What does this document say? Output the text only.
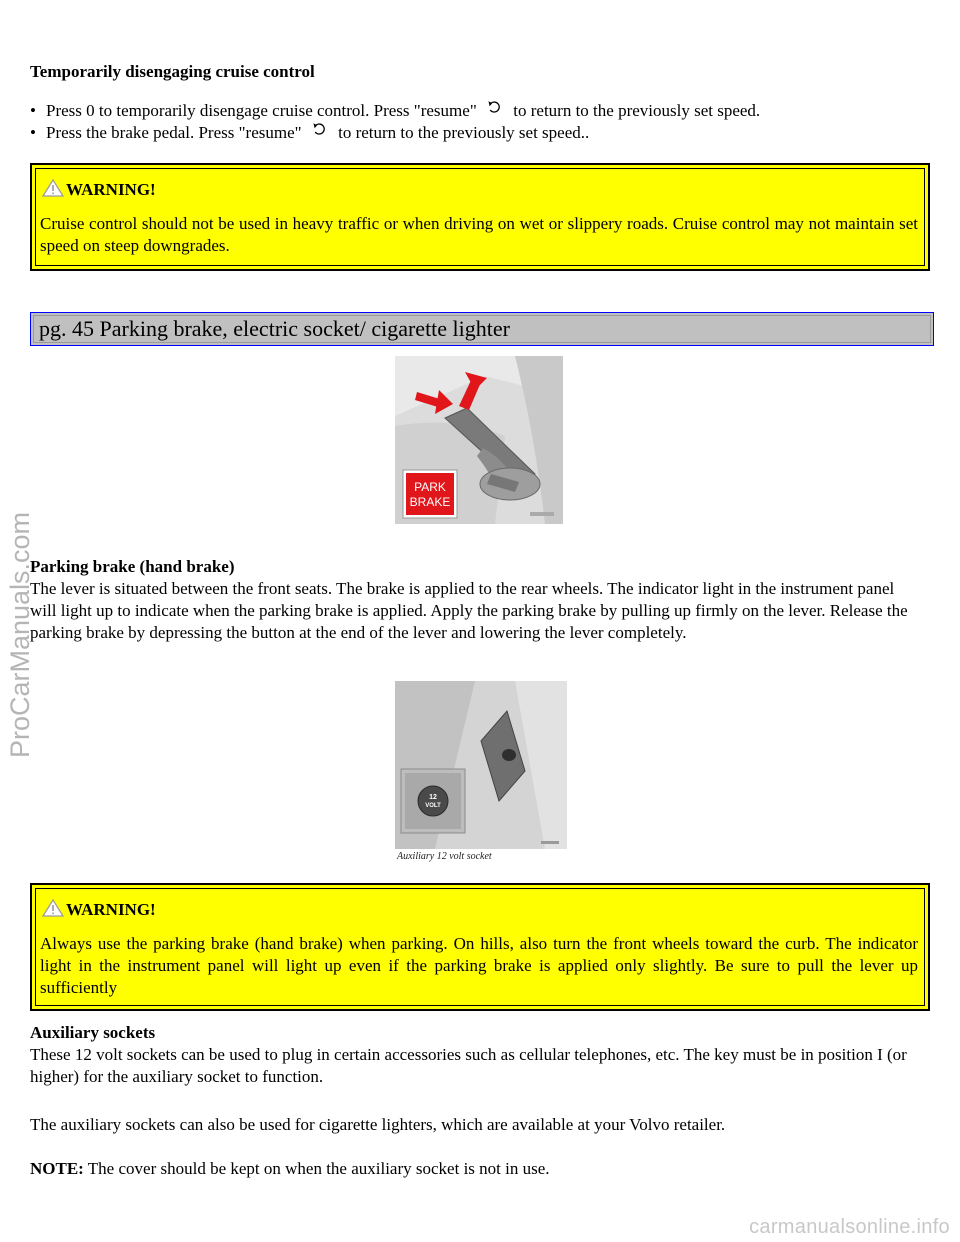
ProCarManuals.com
Temporarily disengaging cruise control
• Press 0 to temporarily disengage cruise control. Press "resume" to return to the previously set speed.
• Press the brake pedal. Press "resume" to return to the previously set speed..
WARNING!

Cruise control should not be used in heavy traffic or when driving on wet or slippery roads. Cruise control may not maintain set speed on steep downgrades.

pg. 45 Parking brake, electric socket/ cigarette lighter
PARK
BRAKE
Parking brake (hand brake)
The lever is situated between the front seats. The brake is applied to the rear wheels. The indicator light in the instrument panel will light up to indicate when the parking brake is applied. Apply the parking brake by pulling up firmly on the lever. Release the parking brake by depressing the button at the end of the lever and lowering the lever completely.
12
VOLT
Auxiliary 12 volt socket
WARNING!

Always use the parking brake (hand brake) when parking. On hills, also turn the front wheels toward the curb. The indicator light in the instrument panel will light up even if the parking brake is applied only slightly. Be sure to pull the lever up sufficiently

Auxiliary sockets
These 12 volt sockets can be used to plug in certain accessories such as cellular telephones, etc. The key must be in position I (or higher) for the auxiliary socket to function.
The auxiliary sockets can also be used for cigarette lighters, which are available at your Volvo retailer.
NOTE: The cover should be kept on when the auxiliary socket is not in use.
carmanualsonline.info
